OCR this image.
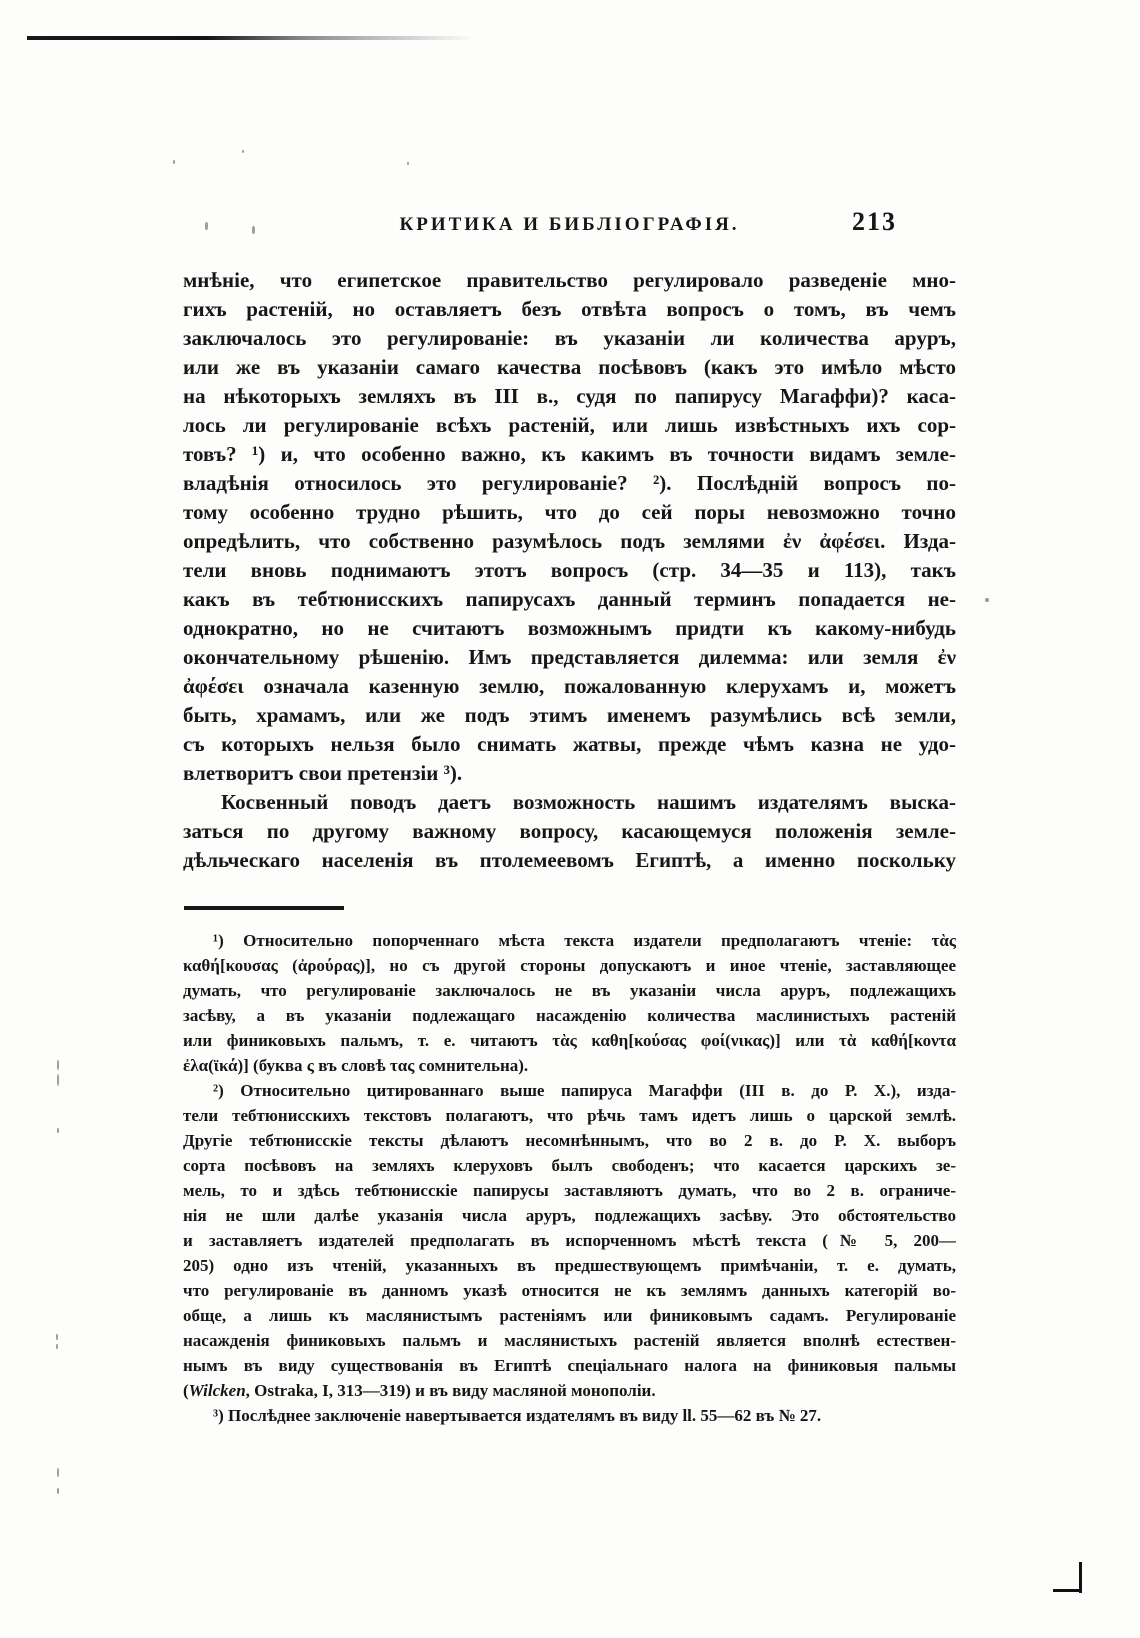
КРИТИКА И БИБЛІОГРАФІЯ.	213
мнѣніе, что египетское правительство регулировало разведеніе мно-
гихъ растеній, но оставляетъ безъ отвѣта вопросъ о томъ, въ чемъ
заключалось это регулированіе: въ указаніи ли количества аруръ,
или же въ указаніи самаго качества посѣвовъ (какъ это имѣло мѣсто
на нѣкоторыхъ земляхъ въ III в., судя по папирусу Магаффи)? каса-
лось ли регулированіе всѣхъ растеній, или лишь извѣстныхъ ихъ сор-
товъ? ¹) и, что особенно важно, къ какимъ въ точности видамъ земле-
владѣнія относилось это регулированіе? ²). Послѣдній вопросъ по-
тому особенно трудно рѣшить, что до сей поры невозможно точно
опредѣлить, что собственно разумѣлось подъ землями ἐν ἀφέσει. Изда-
тели вновь поднимаютъ этотъ вопросъ (стр. 34—35 и 113), такъ
какъ въ тебтюнисскихъ папирусахъ данный терминъ попадается не-
однократно, но не считаютъ возможнымъ придти къ какому-нибудь
окончательному рѣшенію. Имъ представляется дилемма: или земля ἐν
ἀφέσει означала казенную землю, пожалованную клерухамъ и, можетъ
быть, храмамъ, или же подъ этимъ именемъ разумѣлись всѣ земли,
съ которыхъ нельзя было снимать жатвы, прежде чѣмъ казна не удо-
влетворитъ свои претензіи ³).
Косвенный поводъ даетъ возможность нашимъ издателямъ выска-
заться по другому важному вопросу, касающемуся положенія земле-
дѣльческаго населенія въ птолемеевомъ Египтѣ, а именно поскольку
¹) Относительно попорченнаго мѣста текста издатели предполагаютъ чтеніе: τὰς
καθή[κουσας (ἀρούρας)], но съ другой стороны допускаютъ и иное чтеніе, заставляющее
думать, что регулированіе заключалось не въ указаніи числа аруръ, подлежащихъ
засѣву, а въ указаніи подлежащаго насажденію количества маслинистыхъ растеній
или финиковыхъ пальмъ, т. е. читаютъ τὰς καθη[κούσας φοί(νικας)] или τὰ καθή[κοντα
ἐλα(ϊκά)] (буква ς въ словѣ τας сомнительна).
²) Относительно цитированнаго выше папируса Магаффи (III в. до Р. Х.), изда-
тели тебтюнисскихъ текстовъ полагаютъ, что рѣчь тамъ идетъ лишь о царской землѣ.
Другіе тебтюнисскіе тексты дѣлаютъ несомнѣннымъ, что во 2 в. до Р. Х. выборъ
сорта посѣвовъ на земляхъ клеруховъ былъ свободенъ; что касается царскихъ зе-
мель, то и здѣсь тебтюнисскіе папирусы заставляютъ думать, что во 2 в. ограниче-
нія не шли далѣе указанія числа аруръ, подлежащихъ засѣву. Это обстоятельство
и заставляетъ издателей предполагать въ испорченномъ мѣстѣ текста (№ 5, 200—
205) одно изъ чтеній, указанныхъ въ предшествующемъ примѣчаніи, т. е. думать,
что регулированіе въ данномъ указѣ относится не къ землямъ данныхъ категорій во-
обще, а лишь къ маслянистымъ растеніямъ или финиковымъ садамъ. Регулированіе
насажденія финиковыхъ пальмъ и маслянистыхъ растеній является вполнѣ естествен-
нымъ въ виду существованія въ Египтѣ спеціальнаго налога на финиковыя пальмы
(Wilcken, Ostraka, I, 313—319) и въ виду масляной монополіи.
³) Послѣднее заключеніе навертывается издателямъ въ виду ll. 55—62 въ № 27.
